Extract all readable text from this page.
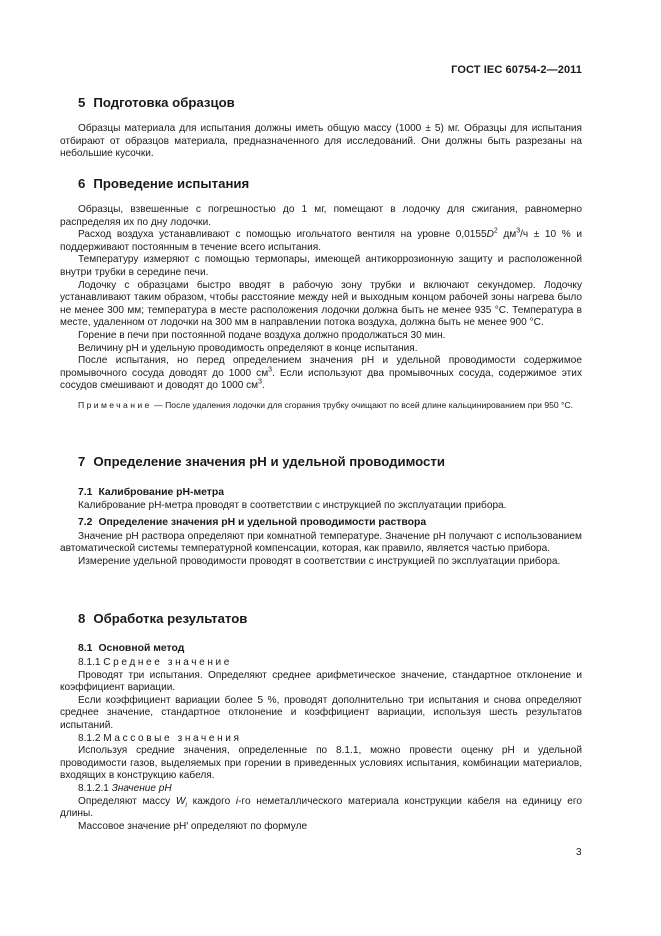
ГОСТ IEC 60754-2—2011
5 Подготовка образцов

Образцы материала для испытания должны иметь общую массу (1000 ± 5) мг. Образцы для испытания отбирают от образцов материала, предназначенного для исследований. Они должны быть разрезаны на небольшие кусочки.

6 Проведение испытания

Образцы, взвешенные с погрешностью до 1 мг, помещают в лодочку для сжигания, равномерно распределяя их по дну лодочки.

Расход воздуха устанавливают с помощью игольчатого вентиля на уровне $0,0155D^2$ $дм^3/ч \pm 10$ % и поддерживают постоянным в течение всего испытания.

Температуру измеряют с помощью термопары, имеющей антикоррозионную защиту и расположенной внутри трубки в середине печи.

Лодочку с образцами быстро вводят в рабочую зону трубки и включают секундомер. Лодочку устанавливают таким образом, чтобы расстояние между ней и выходным концом рабочей зоны нагрева было не менее 300 мм; температура в месте расположения лодочки должна быть не менее 935 °С. Температура в месте, удаленном от лодочки на 300 мм в направлении потока воздуха, должна быть не менее 900 °С.

Горение в печи при постоянной подаче воздуха должно продолжаться 30 мин.

Величину pH и удельную проводимость определяют в конце испытания.

После испытания, но перед определением значения pH и удельной проводимости содержимое промывочного сосуда доводят до 1000 $см^3$. Если используют два промывочных сосуда, содержимое этих сосудов смешивают и доводят до 1000 $см^3$.

Примечание — После удаления лодочки для сгорания трубку очищают по всей длине кальцинированием при 950 °С.

7 Определение значения pH и удельной проводимости
7.1 Калибрование pH-метра

Калибрование pH-метра проводят в соответствии с инструкцией по эксплуатации прибора.

7.2 Определение значения pH и удельной проводимости раствора

Значение pH раствора определяют при комнатной температуре. Значение pH получают с использованием автоматической системы температурной компенсации, которая, как правило, является частью прибора.

Измерение удельной проводимости проводят в соответствии с инструкцией по эксплуатации прибора.

8 Обработка результатов
8.1 Основной метод

8.1.1 Среднее значение

Проводят три испытания. Определяют среднее арифметическое значение, стандартное отклонение и коэффициент вариации.

Если коэффициент вариации более 5 %, проводят дополнительно три испытания и снова определяют среднее значение, стандартное отклонение и коэффициент вариации, используя шесть результатов испытаний.

8.1.2 Массовые значения

Используя средние значения, определенные по 8.1.1, можно провести оценку pH и удельной проводимости газов, выделяемых при горении в приведенных условиях испытания, комбинации материалов, входящих в конструкцию кабеля.

8.1.2.1 Значение pH

Определяют массу $W_i$ каждого i-го неметаллического материала конструкции кабеля на единицу его длины.

Массовое значение pH′ определяют по формуле

3
